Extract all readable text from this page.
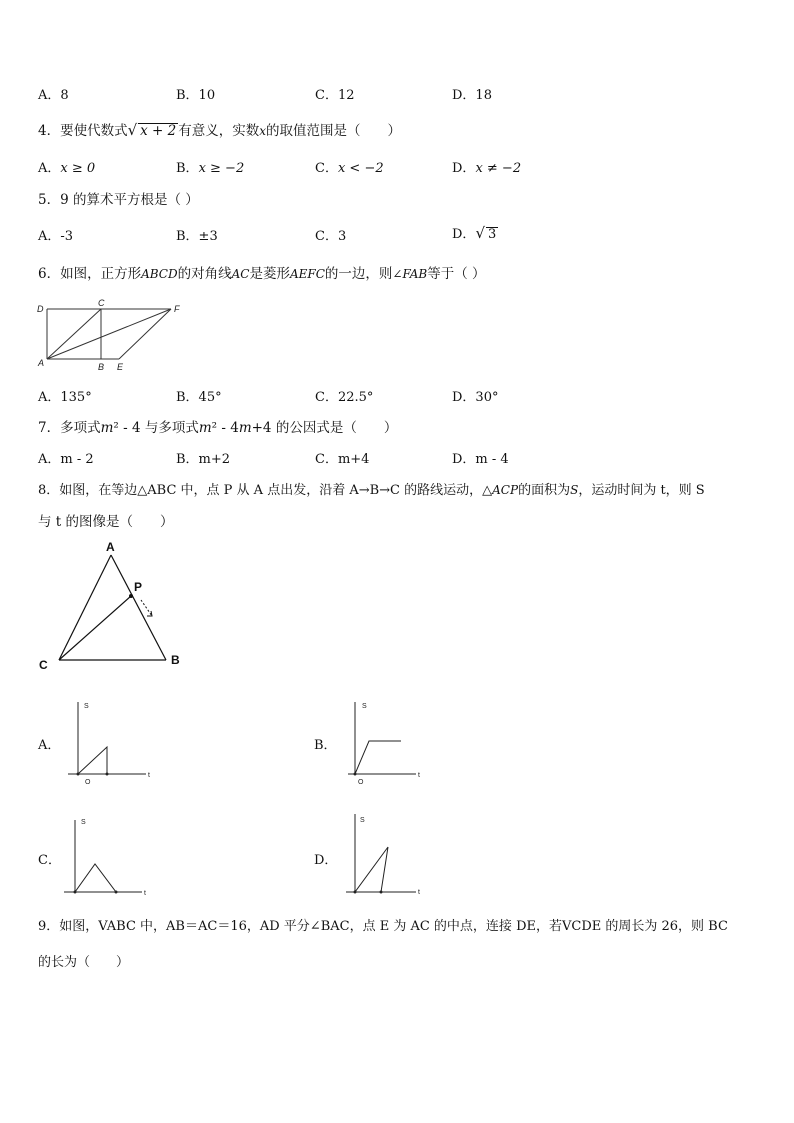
A．8	B．10	C．12	D．18
4．要使代数式√ x + 2 有意义，实数x的取值范围是（　　）
A．x ≥ 0	B．x ≥ −2	C．x < −2	D．x ≠ −2
5．9 的算术平方根是（ ）
A．-3	B．±3	C．3	D．√ 3
6．如图，正方形ABCD的对角线AC是菱形AEFC的一边，则∠FAB等于（ ）
D
C
F
A	B E
A．135°	B．45°	C．22.5°	D．30°
7．多项式m² - 4 与多项式m² - 4m+4 的公因式是（　　）
A．m - 2	B．m+2	C．m+4	D．m - 4
8．如图，在等边△ABC 中，点 P 从 A 点出发，沿着 A→B→C 的路线运动，△ACP的面积为S，运动时间为 t，则 S
与 t 的图像是（　　）
A
P
C	B
A．
S
O
t
B．
S
O
t
C．
S
t
D．
S
t
9．如图，VABC 中，AB＝AC＝16，AD 平分∠BAC，点 E 为 AC 的中点，连接 DE，若VCDE 的周长为 26，则 BC
的长为（　　）
